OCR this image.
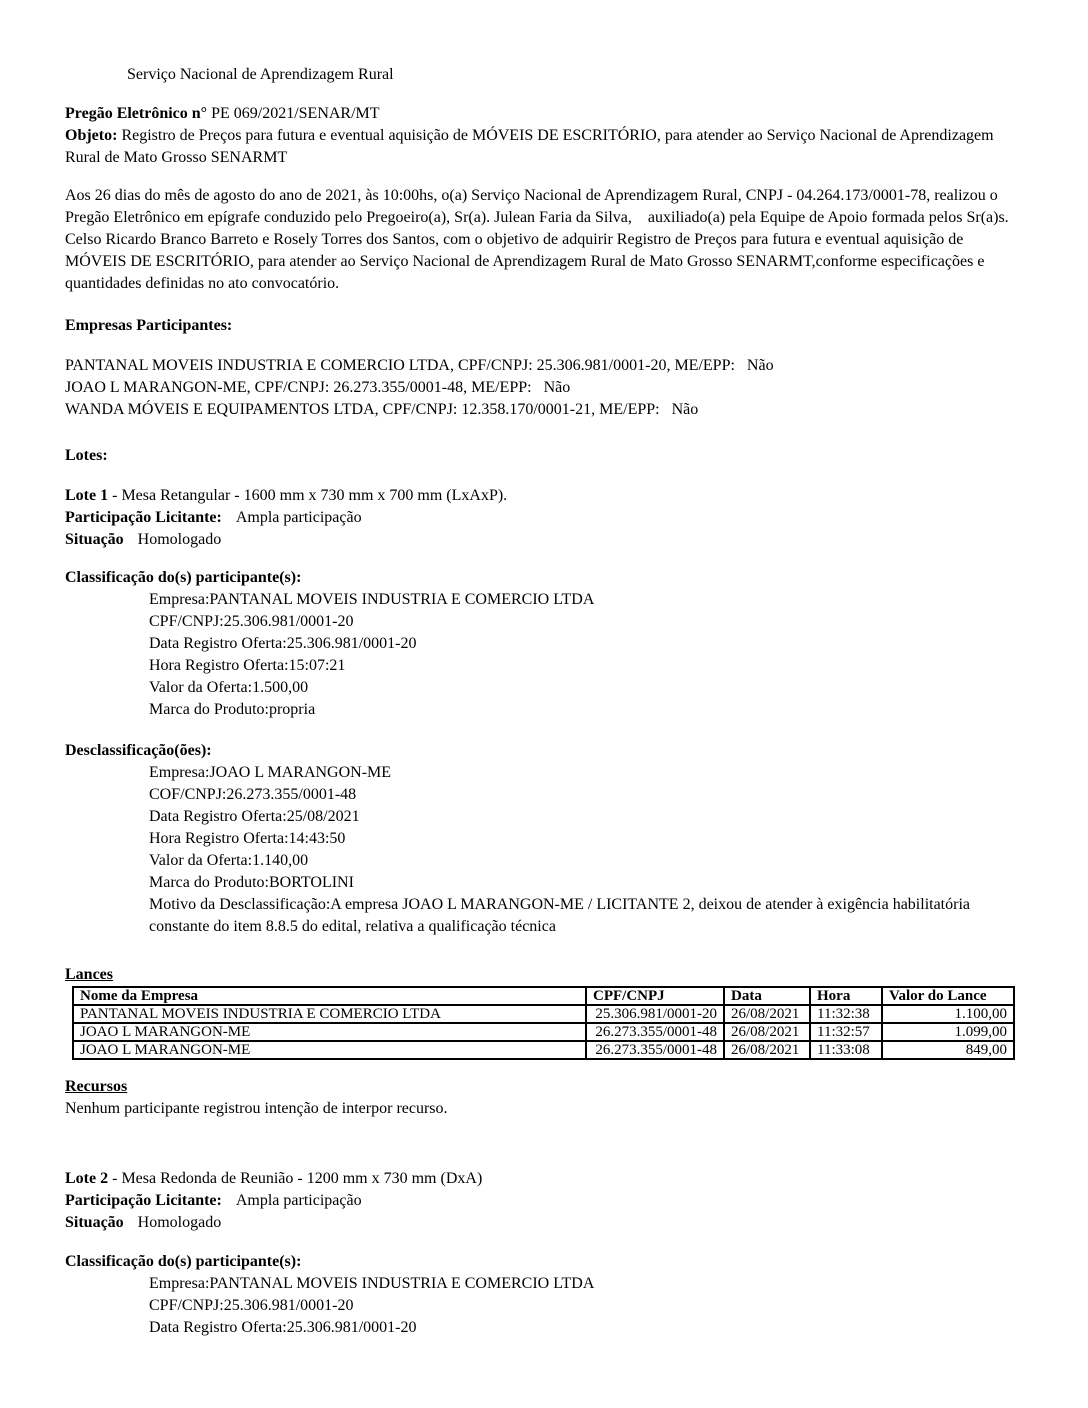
Serviço Nacional de Aprendizagem Rural
Pregão Eletrônico n° PE 069/2021/SENAR/MT
Objeto: Registro de Preços para futura e eventual aquisição de MÓVEIS DE ESCRITÓRIO, para atender ao Serviço Nacional de Aprendizagem Rural de Mato Grosso SENARMT

Aos 26 dias do mês de agosto do ano de 2021, às 10:00hs, o(a) Serviço Nacional de Aprendizagem Rural, CNPJ - 04.264.173/0001-78, realizou o Pregão Eletrônico em epígrafe conduzido pelo Pregoeiro(a), Sr(a). Julean Faria da Silva,    auxiliado(a) pela Equipe de Apoio formada pelos Sr(a)s. Celso Ricardo Branco Barreto e Rosely Torres dos Santos, com o objetivo de adquirir Registro de Preços para futura e eventual aquisição de MÓVEIS DE ESCRITÓRIO, para atender ao Serviço Nacional de Aprendizagem Rural de Mato Grosso SENARMT,conforme especificações e quantidades definidas no ato convocatório.

Empresas Participantes:
PANTANAL MOVEIS INDUSTRIA E COMERCIO LTDA, CPF/CNPJ: 25.306.981/0001-20, ME/EPP:   Não
JOAO L MARANGON-ME, CPF/CNPJ: 26.273.355/0001-48, ME/EPP:   Não
WANDA MÓVEIS E EQUIPAMENTOS LTDA, CPF/CNPJ: 12.358.170/0001-21, ME/EPP:   Não
Lotes:
Lote 1 - Mesa Retangular - 1600 mm x 730 mm x 700 mm (LxAxP).
Participação Licitante: Ampla participação
Situação Homologado
Classificação do(s) participante(s):
Empresa:PANTANAL MOVEIS INDUSTRIA E COMERCIO LTDA
CPF/CNPJ:25.306.981/0001-20
Data Registro Oferta:25.306.981/0001-20
Hora Registro Oferta:15:07:21
Valor da Oferta:1.500,00
Marca do Produto:propria
Desclassificação(ões):
Empresa:JOAO L MARANGON-ME
COF/CNPJ:26.273.355/0001-48
Data Registro Oferta:25/08/2021
Hora Registro Oferta:14:43:50
Valor da Oferta:1.140,00
Marca do Produto:BORTOLINI
Motivo da Desclassificação:A empresa JOAO L MARANGON-ME / LICITANTE 2, deixou de atender à exigência habilitatória constante do item 8.8.5 do edital, relativa a qualificação técnica
Lances
Nome da Empresa	CPF/CNPJ	Data	Hora	Valor do Lance
PANTANAL MOVEIS INDUSTRIA E COMERCIO LTDA	25.306.981/0001-20	26/08/2021	11:32:38	1.100,00
JOAO L MARANGON-ME	26.273.355/0001-48	26/08/2021	11:32:57	1.099,00
JOAO L MARANGON-ME	26.273.355/0001-48	26/08/2021	11:33:08	849,00
Recursos
Nenhum participante registrou intenção de interpor recurso.
Lote 2 - Mesa Redonda de Reunião - 1200 mm x 730 mm (DxA)
Participação Licitante: Ampla participação
Situação Homologado
Classificação do(s) participante(s):
Empresa:PANTANAL MOVEIS INDUSTRIA E COMERCIO LTDA
CPF/CNPJ:25.306.981/0001-20
Data Registro Oferta:25.306.981/0001-20
